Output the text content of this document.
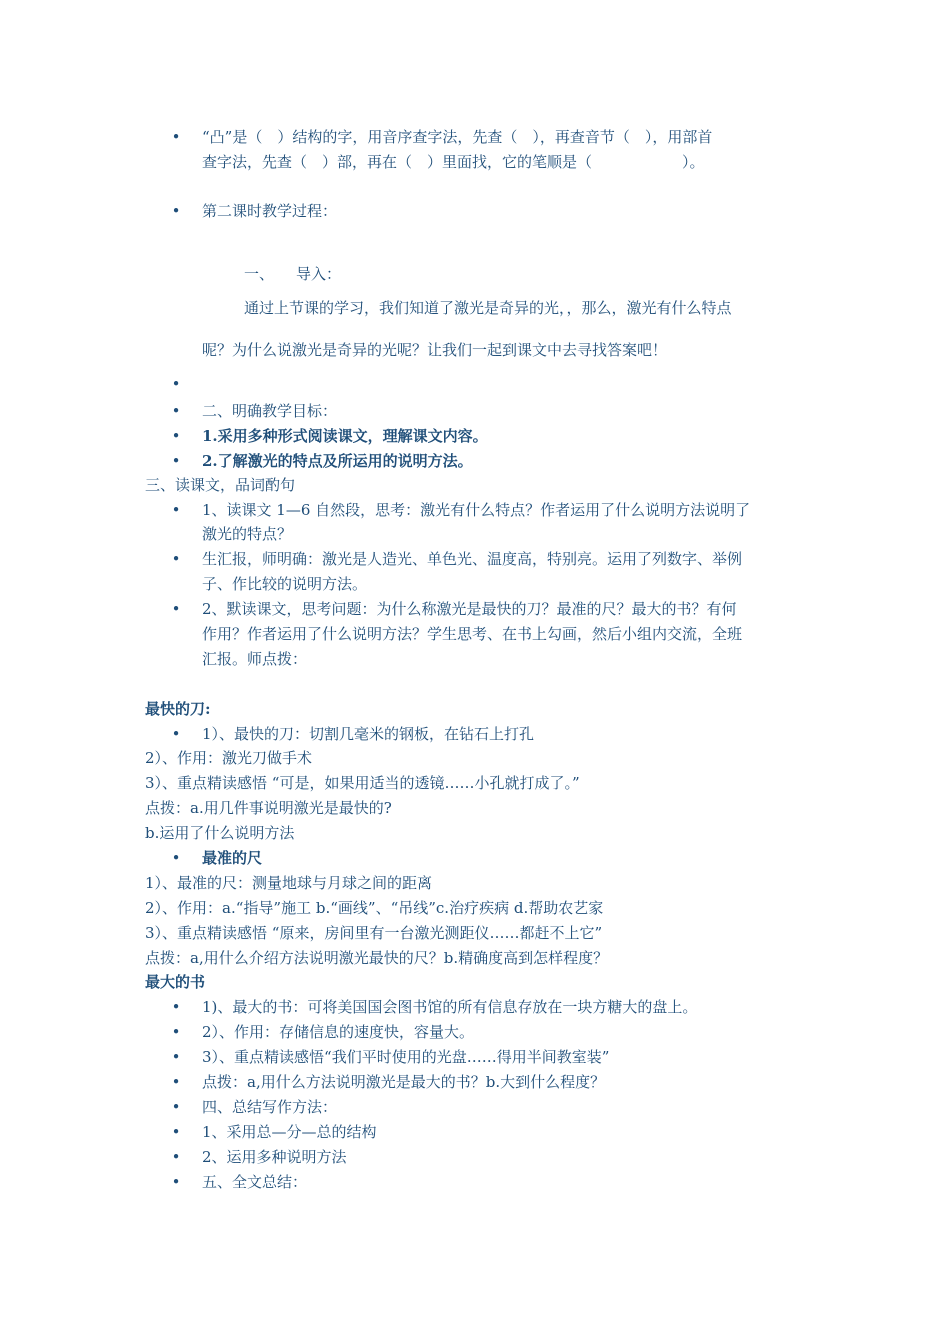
•
•
•
•
•
•
•
•
•
•
•
•
•
•
•
•
•
•
•
“凸”是（　）结构的字，用音序查字法，先查（　），再查音节（　），用部首
查字法，先查（　）部，再在（　）里面找，它的笔顺是（　　　　　　）。
第二课时教学过程：
一、 导入：
通过上节课的学习，我们知道了激光是奇异的光，，那么，激光有什么特点
呢？为什么说激光是奇异的光呢？让我们一起到课文中去寻找答案吧！
二、明确教学目标：
1.采用多种形式阅读课文，理解课文内容。
2.了解激光的特点及所运用的说明方法。
三、读课文，品词酌句
1、读课文 1—6 自然段，思考：激光有什么特点？作者运用了什么说明方法说明了
激光的特点？
生汇报，师明确：激光是人造光、单色光、温度高，特别亮。运用了列数字、举例
子、作比较的说明方法。
2、默读课文，思考问题：为什么称激光是最快的刀？最准的尺？最大的书？有何
作用？作者运用了什么说明方法？学生思考、在书上勾画，然后小组内交流，全班
汇报。师点拨：
最快的刀:
1）、最快的刀：切割几毫米的钢板，在钻石上打孔
2）、作用：激光刀做手术
3）、重点精读感悟 “可是，如果用适当的透镜……小孔就打成了。”
点拨：a.用几件事说明激光是最快的?
b.运用了什么说明方法
最准的尺
1）、最准的尺：测量地球与月球之间的距离
2）、作用：a.“指导”施工 b.“画线”、“吊线”c.治疗疾病 d.帮助农艺家
3）、重点精读感悟 “原来，房间里有一台激光测距仪……都赶不上它”
点拨：a,用什么介绍方法说明激光最快的尺？b.精确度高到怎样程度？
最大的书
1)、最大的书：可将美国国会图书馆的所有信息存放在一块方糖大的盘上。
2）、作用：存储信息的速度快，容量大。
3）、重点精读感悟“我们平时使用的光盘……得用半间教室装”
点拨：a,用什么方法说明激光是最大的书？b.大到什么程度？
四、总结写作方法：
1、采用总—分—总的结构
2、运用多种说明方法
五、全文总结：
